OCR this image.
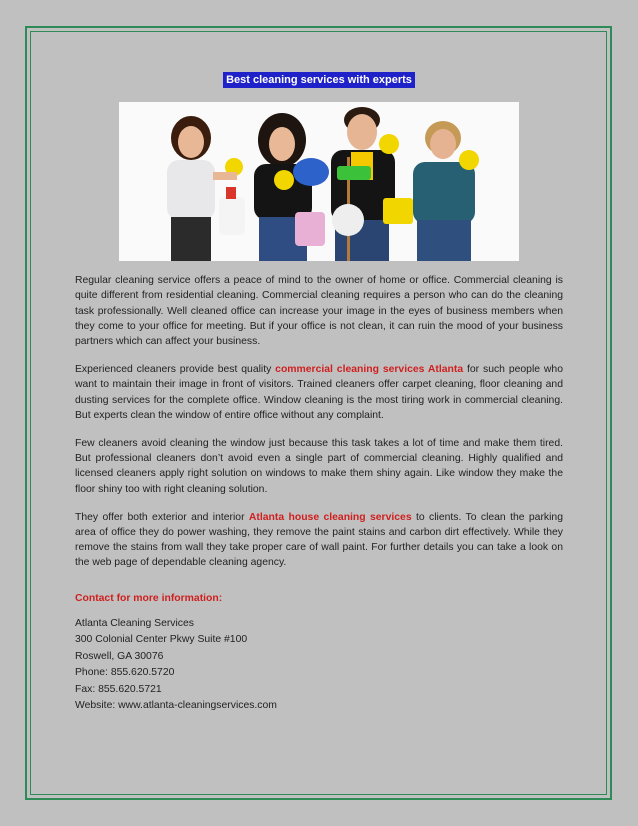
Best cleaning services with experts

Regular cleaning service offers a peace of mind to the owner of home or office. Commercial cleaning is quite different from residential cleaning. Commercial cleaning requires a person who can do the cleaning task professionally. Well cleaned office can increase your image in the eyes of business members when they come to your office for meeting. But if your office is not clean, it can ruin the mood of your business partners which can affect your business.

Experienced cleaners provide best quality commercial cleaning services Atlanta for such people who want to maintain their image in front of visitors. Trained cleaners offer carpet cleaning, floor cleaning and dusting services for the complete office. Window cleaning is the most tiring work in commercial cleaning. But experts clean the window of entire office without any complaint.

Few cleaners avoid cleaning the window just because this task takes a lot of time and make them tired. But professional cleaners don’t avoid even a single part of commercial cleaning. Highly qualified and licensed cleaners apply right solution on windows to make them shiny again. Like window they make the floor shiny too with right cleaning solution.

They offer both exterior and interior Atlanta house cleaning services to clients. To clean the parking area of office they do power washing, they remove the paint stains and carbon dirt effectively. While they remove the stains from wall they take proper care of wall paint. For further details you can take a look on the web page of dependable cleaning agency.

Contact for more information:
Atlanta Cleaning Services
300 Colonial Center Pkwy Suite #100
Roswell, GA 30076
Phone: 855.620.5720
Fax: 855.620.5721
Website: www.atlanta-cleaningservices.com
